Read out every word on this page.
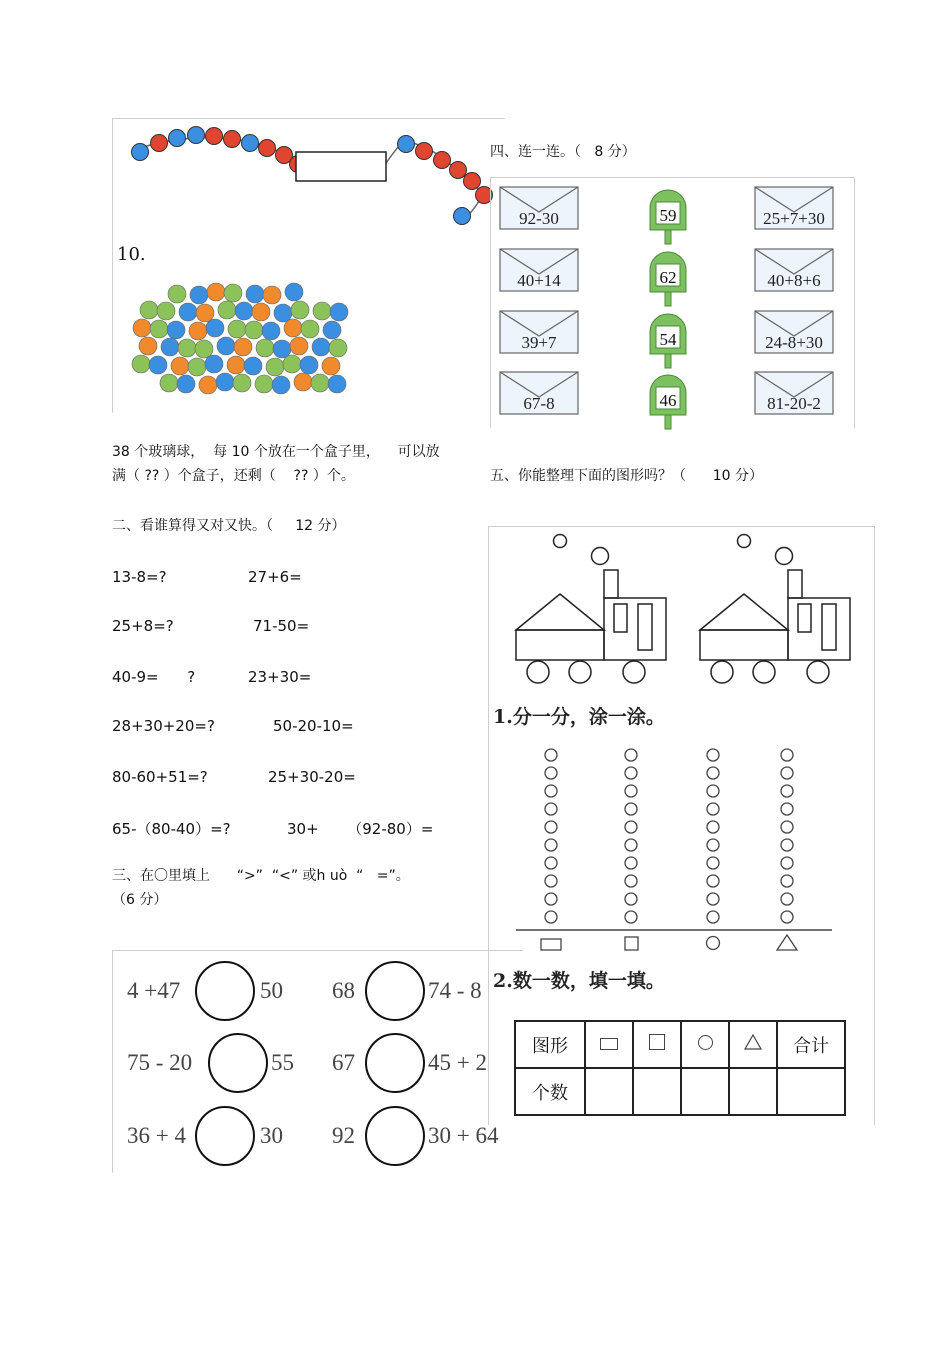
10.
38 个玻璃球，  每 10 个放在一个盒子里，    可以放
满（ ?? ）个盒子，还剩（    ?? ）个。
二、看谁算得又对又快。（     12 分）
13-8=?	27+6=
25+8=?	71-50=
40-9=      ?	23+30=
28+30+20=?	50-20-10=
80-60+51=?	25+30-20=
65-（80-40）=?	30+      （92-80）=
三、在〇里填上      “>”  “<” 或h uò  “   =”。
（6 分）
4 +47	50 68	74 - 8
75 - 20	55 67	45 + 2
36 + 4	30 92	30 + 64
四、连一连。（   8 分）
92-30
40+14
39+7
67-8
59
62
54
46
25+7+30
40+8+6
24-8+30
81-20-2
五、你能整理下面的图形吗？（      10 分）
1.分一分，涂一涂。
2.数一数，填一填。
图形					合计
个数					
